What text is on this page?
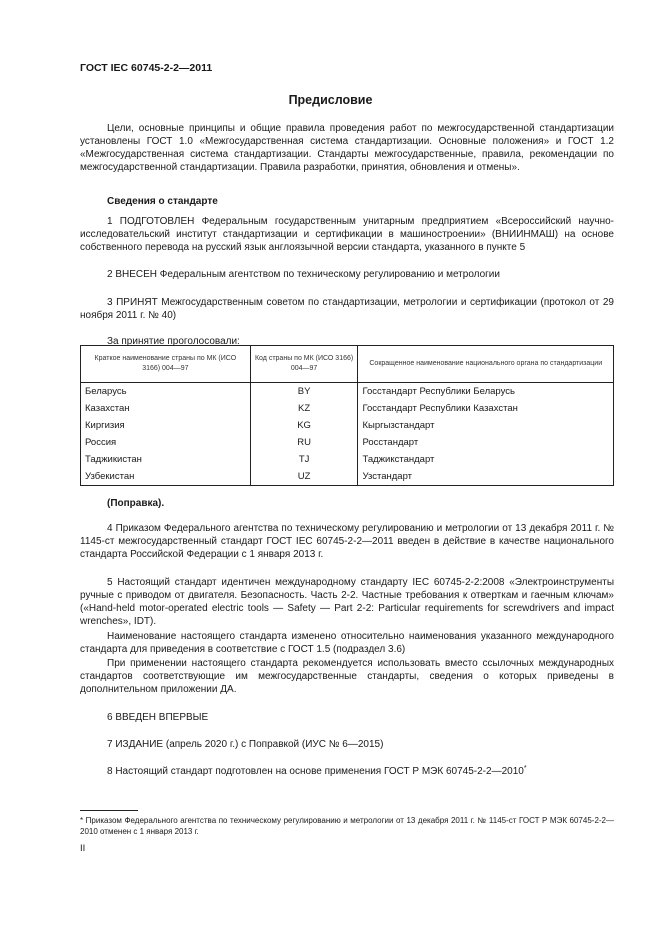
ГОСТ IEC 60745-2-2—2011
Предисловие
Цели, основные принципы и общие правила проведения работ по межгосударственной стандартизации установлены ГОСТ 1.0 «Межгосударственная система стандартизации. Основные положения» и ГОСТ 1.2 «Межгосударственная система стандартизации. Стандарты межгосударственные, правила, рекомендации по межгосударственной стандартизации. Правила разработки, принятия, обновления и отмены».
Сведения о стандарте
1 ПОДГОТОВЛЕН Федеральным государственным унитарным предприятием «Всероссийский научно-исследовательский институт стандартизации и сертификации в машиностроении» (ВНИИНМАШ) на основе собственного перевода на русский язык англоязычной версии стандарта, указанного в пункте 5
2 ВНЕСЕН Федеральным агентством по техническому регулированию и метрологии
3 ПРИНЯТ Межгосударственным советом по стандартизации, метрологии и сертификации (протокол от 29 ноября 2011 г. № 40)
За принятие проголосовали:
Краткое наименование страны по МК (ИСО 3166) 004—97	Код страны по МК (ИСО 3166) 004—97	Сокращенное наименование национального органа по стандартизации
Беларусь	BY	Госстандарт Республики Беларусь
Казахстан	KZ	Госстандарт Республики Казахстан
Киргизия	KG	Кыргызстандарт
Россия	RU	Росстандарт
Таджикистан	TJ	Таджикстандарт
Узбекистан	UZ	Узстандарт
(Поправка).
4 Приказом Федерального агентства по техническому регулированию и метрологии от 13 декабря 2011 г. № 1145-ст межгосударственный стандарт ГОСТ IEC 60745-2-2—2011 введен в действие в качестве национального стандарта Российской Федерации с 1 января 2013 г.
5 Настоящий стандарт идентичен международному стандарту IEC 60745-2-2:2008 «Электроинструменты ручные с приводом от двигателя. Безопасность. Часть 2-2. Частные требования к отверткам и гаечным ключам» («Hand-held motor-operated electric tools — Safety — Part 2-2: Particular requirements for screwdrivers and impact wrenches», IDT).
Наименование настоящего стандарта изменено относительно наименования указанного международного стандарта для приведения в соответствие с ГОСТ 1.5 (подраздел 3.6)
При применении настоящего стандарта рекомендуется использовать вместо ссылочных международных стандартов соответствующие им межгосударственные стандарты, сведения о которых приведены в дополнительном приложении ДА.
6 ВВЕДЕН ВПЕРВЫЕ
7 ИЗДАНИЕ (апрель 2020 г.) с Поправкой (ИУС № 6—2015)
8 Настоящий стандарт подготовлен на основе применения ГОСТ Р МЭК 60745-2-2—2010*
* Приказом Федерального агентства по техническому регулированию и метрологии от 13 декабря 2011 г. № 1145-ст ГОСТ Р МЭК 60745-2-2—2010 отменен с 1 января 2013 г.
II
